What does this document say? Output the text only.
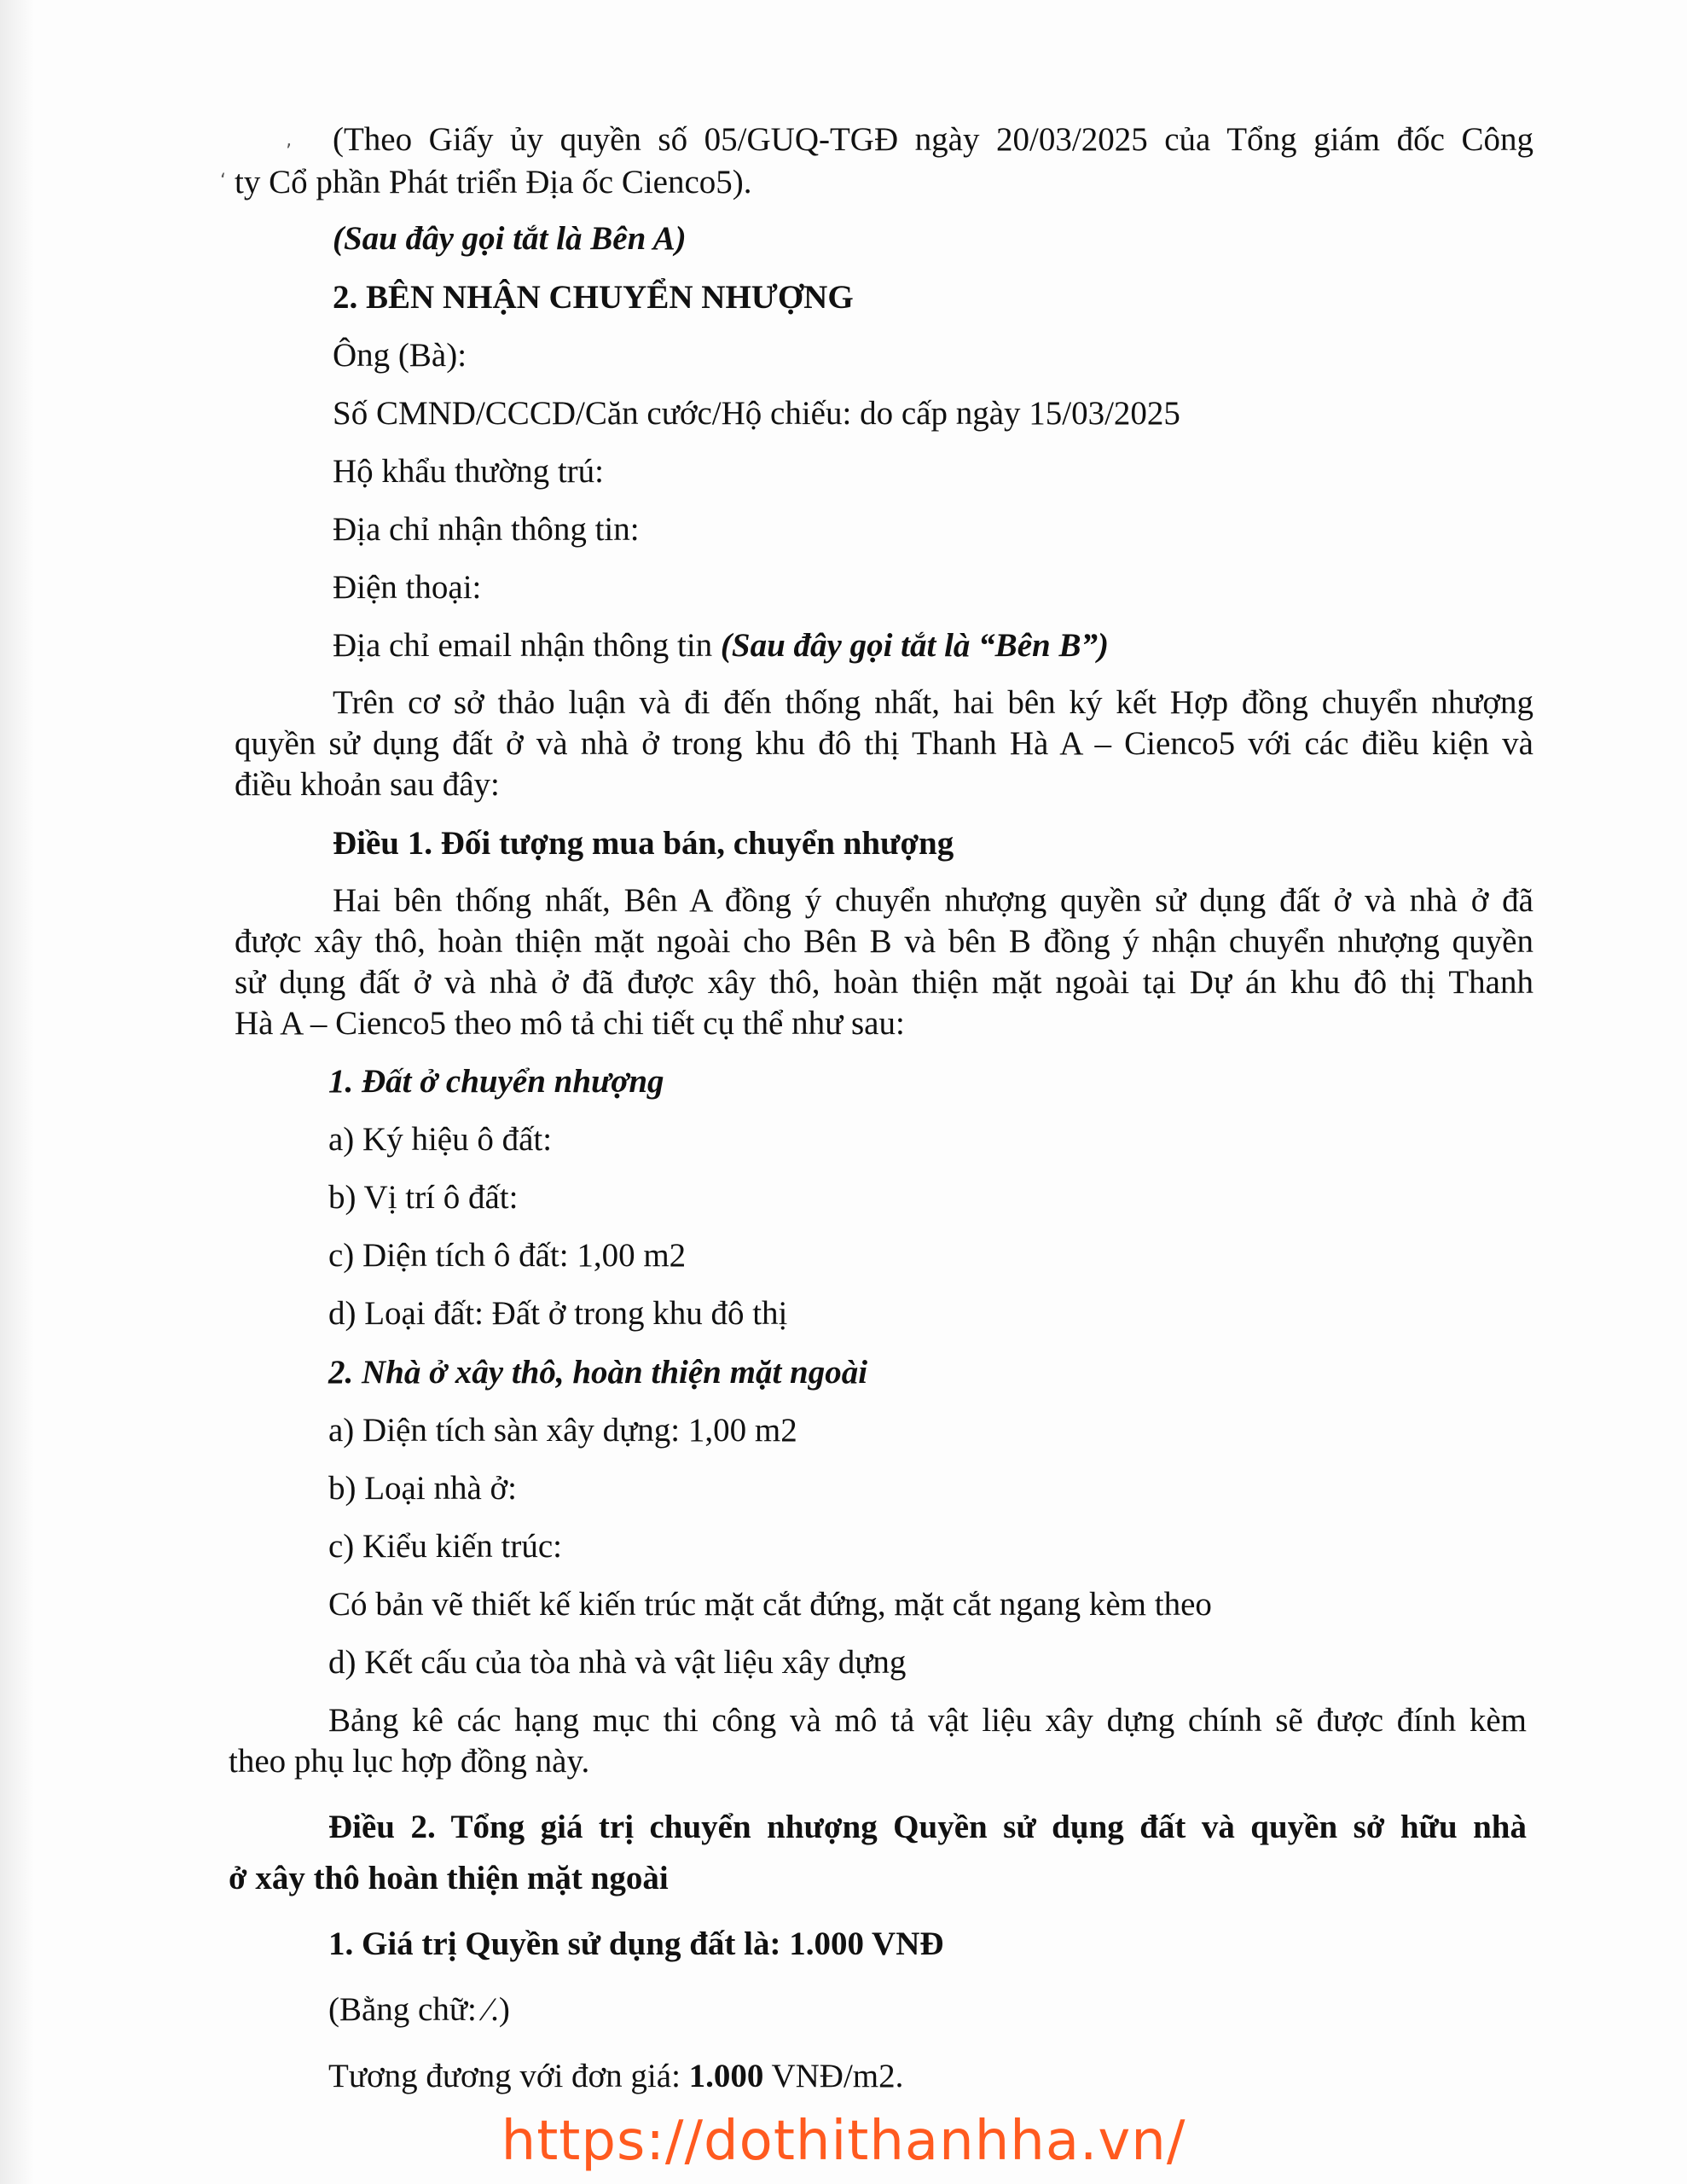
‚
‘
(Theo Giấy ủy quyền số 05/GUQ-TGĐ ngày 20/03/2025 của Tổng giám đốc Công
ty Cổ phần Phát triển Địa ốc Cienco5).
(Sau đây gọi tắt là Bên A)
2. BÊN NHẬN CHUYỂN NHƯỢNG
Ông (Bà):
Số CMND/CCCD/Căn cước/Hộ chiếu: do cấp ngày 15/03/2025
Hộ khẩu thường trú:
Địa chỉ nhận thông tin:
Điện thoại:
Địa chỉ email nhận thông tin (Sau đây gọi tắt là “Bên B”)
Trên cơ sở thảo luận và đi đến thống nhất, hai bên ký kết Hợp đồng chuyển nhượng
quyền sử dụng đất ở và nhà ở trong khu đô thị Thanh Hà A – Cienco5 với các điều kiện và
điều khoản sau đây:
Điều 1. Đối tượng mua bán, chuyển nhượng
Hai bên thống nhất, Bên A đồng ý chuyển nhượng quyền sử dụng đất ở và nhà ở đã
được xây thô, hoàn thiện mặt ngoài cho Bên B và bên B đồng ý nhận chuyển nhượng quyền
sử dụng đất ở và nhà ở đã được xây thô, hoàn thiện mặt ngoài tại Dự án khu đô thị Thanh
Hà A – Cienco5 theo mô tả chi tiết cụ thể như sau:
1. Đất ở chuyển nhượng
a) Ký hiệu ô đất:
b) Vị trí ô đất:
c) Diện tích ô đất: 1,00 m2
d) Loại đất: Đất ở trong khu đô thị
2. Nhà ở xây thô, hoàn thiện mặt ngoài
a) Diện tích sàn xây dựng: 1,00 m2
b) Loại nhà ở:
c) Kiểu kiến trúc:
Có bản vẽ thiết kế kiến trúc mặt cắt đứng, mặt cắt ngang kèm theo
d) Kết cấu của tòa nhà và vật liệu xây dựng
Bảng kê các hạng mục thi công và mô tả vật liệu xây dựng chính sẽ được đính kèm
theo phụ lục hợp đồng này.
Điều 2. Tổng giá trị chuyển nhượng Quyền sử dụng đất và quyền sở hữu nhà
ở xây thô hoàn thiện mặt ngoài
1. Giá trị Quyền sử dụng đất là: 1.000 VNĐ
(Bằng chữ: ⁄.)
Tương đương với đơn giá: 1.000 VNĐ/m2.
https://dothithanhha.vn/
